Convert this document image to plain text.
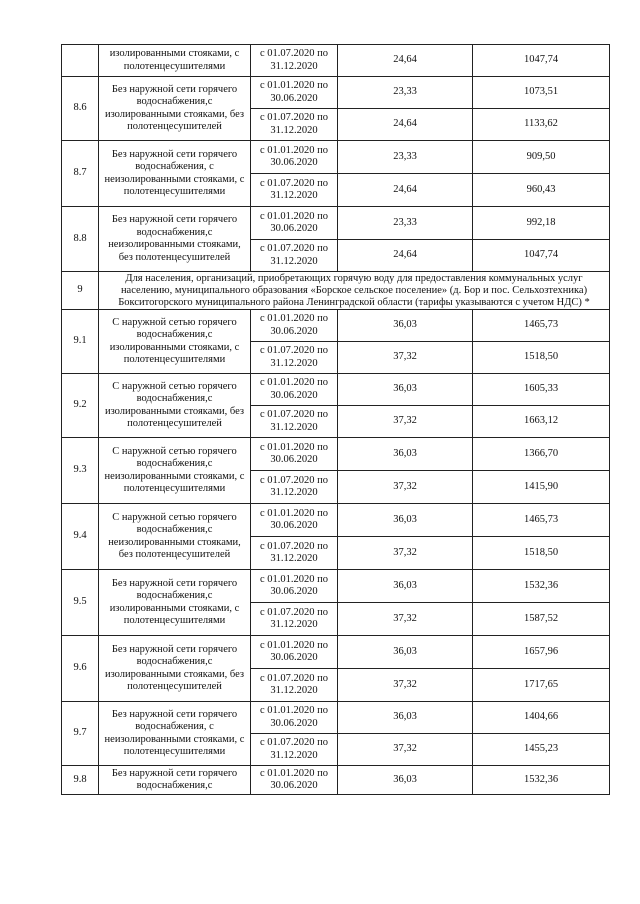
	изолированными стояками, с полотенцесушителями	с 01.07.2020 по 31.12.2020	24,64	1047,74
8.6	Без наружной сети горячего водоснабжения,с изолированными стояками, без полотенцесушителей	с 01.01.2020 по 30.06.2020	23,33	1073,51
		с 01.07.2020 по 31.12.2020	24,64	1133,62
8.7	Без наружной сети горячего водоснабжения, с неизолированными стояками, с полотенцесушителями	с 01.01.2020 по 30.06.2020	23,33	909,50
		с 01.07.2020 по 31.12.2020	24,64	960,43
8.8	Без наружной сети горячего водоснабжения,с неизолированными стояками, без полотенцесушителей	с 01.01.2020 по 30.06.2020	23,33	992,18
		с 01.07.2020 по 31.12.2020	24,64	1047,74
9	Для населения, организаций, приобретающих горячую воду для предоставления коммунальных услуг населению, муниципального образования «Борское сельское поселение» (д. Бор и пос. Сельхозтехника) Бокситогорского муниципального района Ленинградской области (тарифы указываются с учетом НДС) *			
9.1	С наружной сетью горячего водоснабжения,с изолированными стояками, с полотенцесушителями	с 01.01.2020 по 30.06.2020	36,03	1465,73
		с 01.07.2020 по 31.12.2020	37,32	1518,50
9.2	С наружной сетью горячего водоснабжения,с изолированными стояками, без полотенцесушителей	с 01.01.2020 по 30.06.2020	36,03	1605,33
		с 01.07.2020 по 31.12.2020	37,32	1663,12
9.3	С наружной сетью горячего водоснабжения,с неизолированными стояками, с полотенцесушителями	с 01.01.2020 по 30.06.2020	36,03	1366,70
		с 01.07.2020 по 31.12.2020	37,32	1415,90
9.4	С наружной сетью горячего водоснабжения,с неизолированными стояками, без полотенцесушителей	с 01.01.2020 по 30.06.2020	36,03	1465,73
		с 01.07.2020 по 31.12.2020	37,32	1518,50
9.5	Без наружной сети горячего водоснабжения,с изолированными стояками, с полотенцесушителями	с 01.01.2020 по 30.06.2020	36,03	1532,36
		с 01.07.2020 по 31.12.2020	37,32	1587,52
9.6	Без наружной сети горячего водоснабжения,с изолированными стояками, без полотенцесушителей	с 01.01.2020 по 30.06.2020	36,03	1657,96
		с 01.07.2020 по 31.12.2020	37,32	1717,65
9.7	Без наружной сети горячего водоснабжения, с неизолированными стояками, с полотенцесушителями	с 01.01.2020 по 30.06.2020	36,03	1404,66
		с 01.07.2020 по 31.12.2020	37,32	1455,23
9.8	Без наружной сети горячего водоснабжения,с	с 01.01.2020 по 30.06.2020	36,03	1532,36
